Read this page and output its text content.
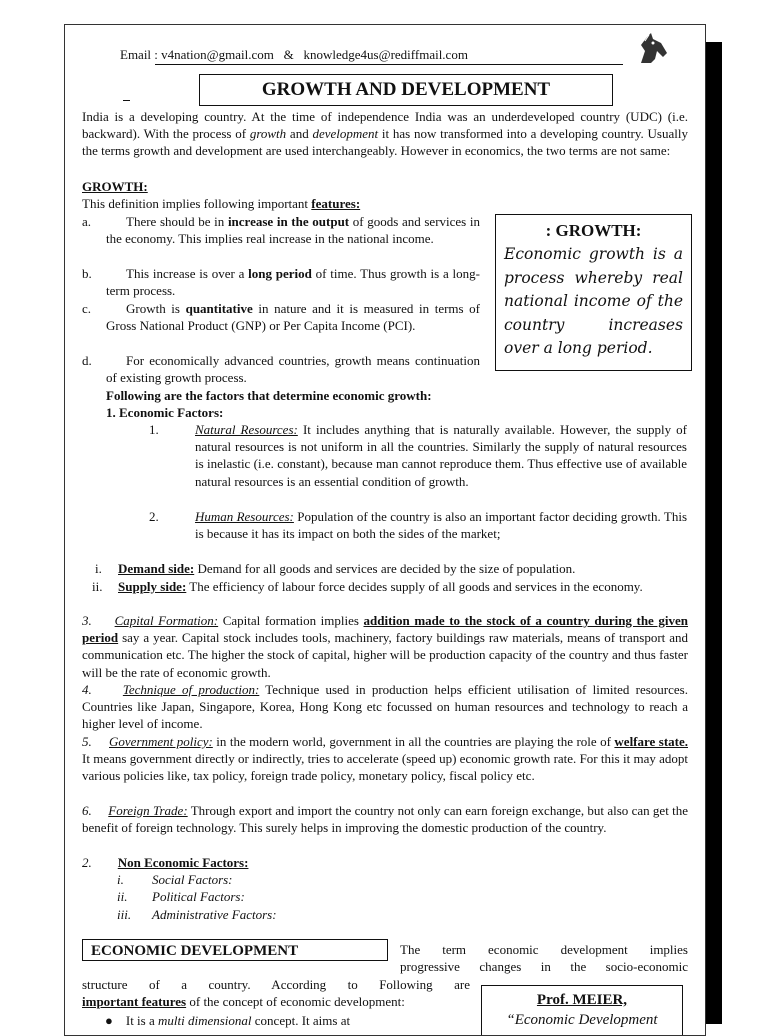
Email : v4nation@gmail.com & knowledge4us@rediffmail.com
GROWTH AND DEVELOPMENT
India is a developing country. At the time of independence India was an underdeveloped country (UDC) (i.e. backward). With the process of growth and development it has now transformed into a developing country. Usually the terms growth and development are used interchangeably. However in economics, the two terms are not same:
GROWTH:
This definition implies following important features:
a.	There should be in increase in the output of goods and services in the economy. This implies real increase in the national income.
b.	This increase is over a long period of time. Thus growth is a long-term process.
c.	Growth is quantitative in nature and it is measured in terms of Gross National Product (GNP) or Per Capita Income (PCI).
d.	For economically advanced countries, growth means continuation of existing growth process.
: GROWTH:
Economic growth is a process whereby real national income of the country increases over a long period.
Following are the factors that determine economic growth:
1. Economic Factors:
1.	Natural Resources: It includes anything that is naturally available. However, the supply of natural resources is not uniform in all the countries. Similarly the supply of natural resources is inelastic (i.e. constant), because man cannot reproduce them. Thus effective use of available natural resources is an essential condition of growth.
2.	Human Resources: Population of the country is also an important factor deciding growth. This is because it has its impact on both the sides of the market;
i. Demand side: Demand for all goods and services are decided by the size of population.
ii. Supply side: The efficiency of labour force decides supply of all goods and services in the economy.
3. Capital Formation: Capital formation implies addition made to the stock of a country during the given period say a year. Capital stock includes tools, machinery, factory buildings raw materials, means of transport and communication etc. The higher the stock of capital, higher will be production capacity of the country and thus faster will be the rate of economic growth.
4. Technique of production: Technique used in production helps efficient utilisation of limited resources. Countries like Japan, Singapore, Korea, Hong Kong etc focussed on human resources and technology to reach a higher level of income.
5. Government policy: in the modern world, government in all the countries are playing the role of welfare state. It means government directly or indirectly, tries to accelerate (speed up) economic growth rate. For this it may adopt various policies like, tax policy, foreign trade policy, monetary policy, fiscal policy etc.
6. Foreign Trade: Through export and import the country not only can earn foreign exchange, but also can get the benefit of foreign technology. This surely helps in improving the domestic production of the country.
2. Non Economic Factors:
i. Social Factors:
ii. Political Factors:
iii. Administrative Factors:
ECONOMIC DEVELOPMENT	The term economic development implies
progressive changes in the socio-economic
structure of a country. According to Following are
important features of the concept of economic development:
● It is a multi dimensional concept. It aims at
Prof. MEIER,
“Economic Development
